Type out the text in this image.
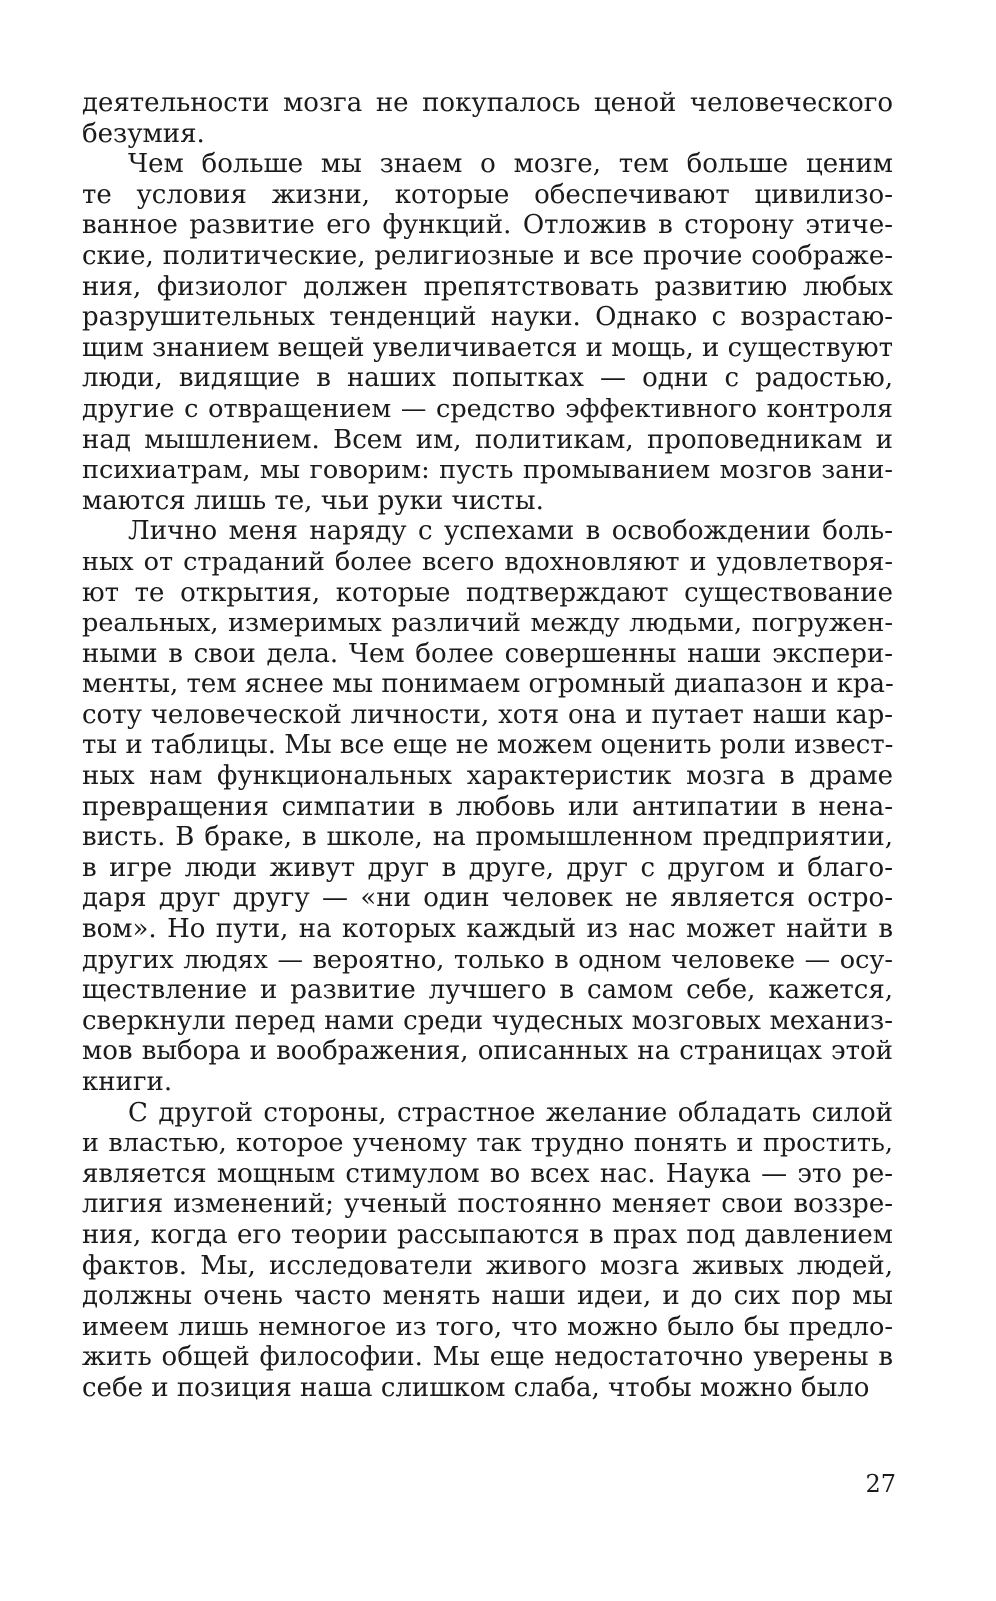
деятельности мозга не покупалось ценой человеческого
безумия.
Чем больше мы знаем о мозге, тем больше ценим
те условия жизни, которые обеспечивают цивилизо-
ванное развитие его функций. Отложив в сторону этиче-
ские, политические, религиозные и все прочие соображе-
ния, физиолог должен препятствовать развитию любых
разрушительных тенденций науки. Однако с возрастаю-
щим знанием вещей увеличивается и мощь, и существуют
люди, видящие в наших попытках — одни с радостью,
другие с отвращением — средство эффективного контроля
над мышлением. Всем им, политикам, проповедникам и
психиатрам, мы говорим: пусть промыванием мозгов зани-
маются лишь те, чьи руки чисты.
Лично меня наряду с успехами в освобождении боль-
ных от страданий более всего вдохновляют и удовлетворя-
ют те открытия, которые подтверждают существование
реальных, измеримых различий между людьми, погружен-
ными в свои дела. Чем более совершенны наши экспери-
менты, тем яснее мы понимаем огромный диапазон и кра-
соту человеческой личности, хотя она и путает наши кар-
ты и таблицы. Мы все еще не можем оценить роли извест-
ных нам функциональных характеристик мозга в драме
превращения симпатии в любовь или антипатии в нена-
висть. В браке, в школе, на промышленном предприятии,
в игре люди живут друг в друге, друг с другом и благо-
даря друг другу — «ни один человек не является остро-
вом». Но пути, на которых каждый из нас может найти в
других людях — вероятно, только в одном человеке — осу-
ществление и развитие лучшего в самом себе, кажется,
сверкнули перед нами среди чудесных мозговых механиз-
мов выбора и воображения, описанных на страницах этой
книги.
С другой стороны, страстное желание обладать силой
и властью, которое ученому так трудно понять и простить,
является мощным стимулом во всех нас. Наука — это ре-
лигия изменений; ученый постоянно меняет свои воззре-
ния, когда его теории рассыпаются в прах под давлением
фактов. Мы, исследователи живого мозга живых людей,
должны очень часто менять наши идеи, и до сих пор мы
имеем лишь немногое из того, что можно было бы предло-
жить общей философии. Мы еще недостаточно уверены в
себе и позиция наша слишком слаба, чтобы можно было
27
